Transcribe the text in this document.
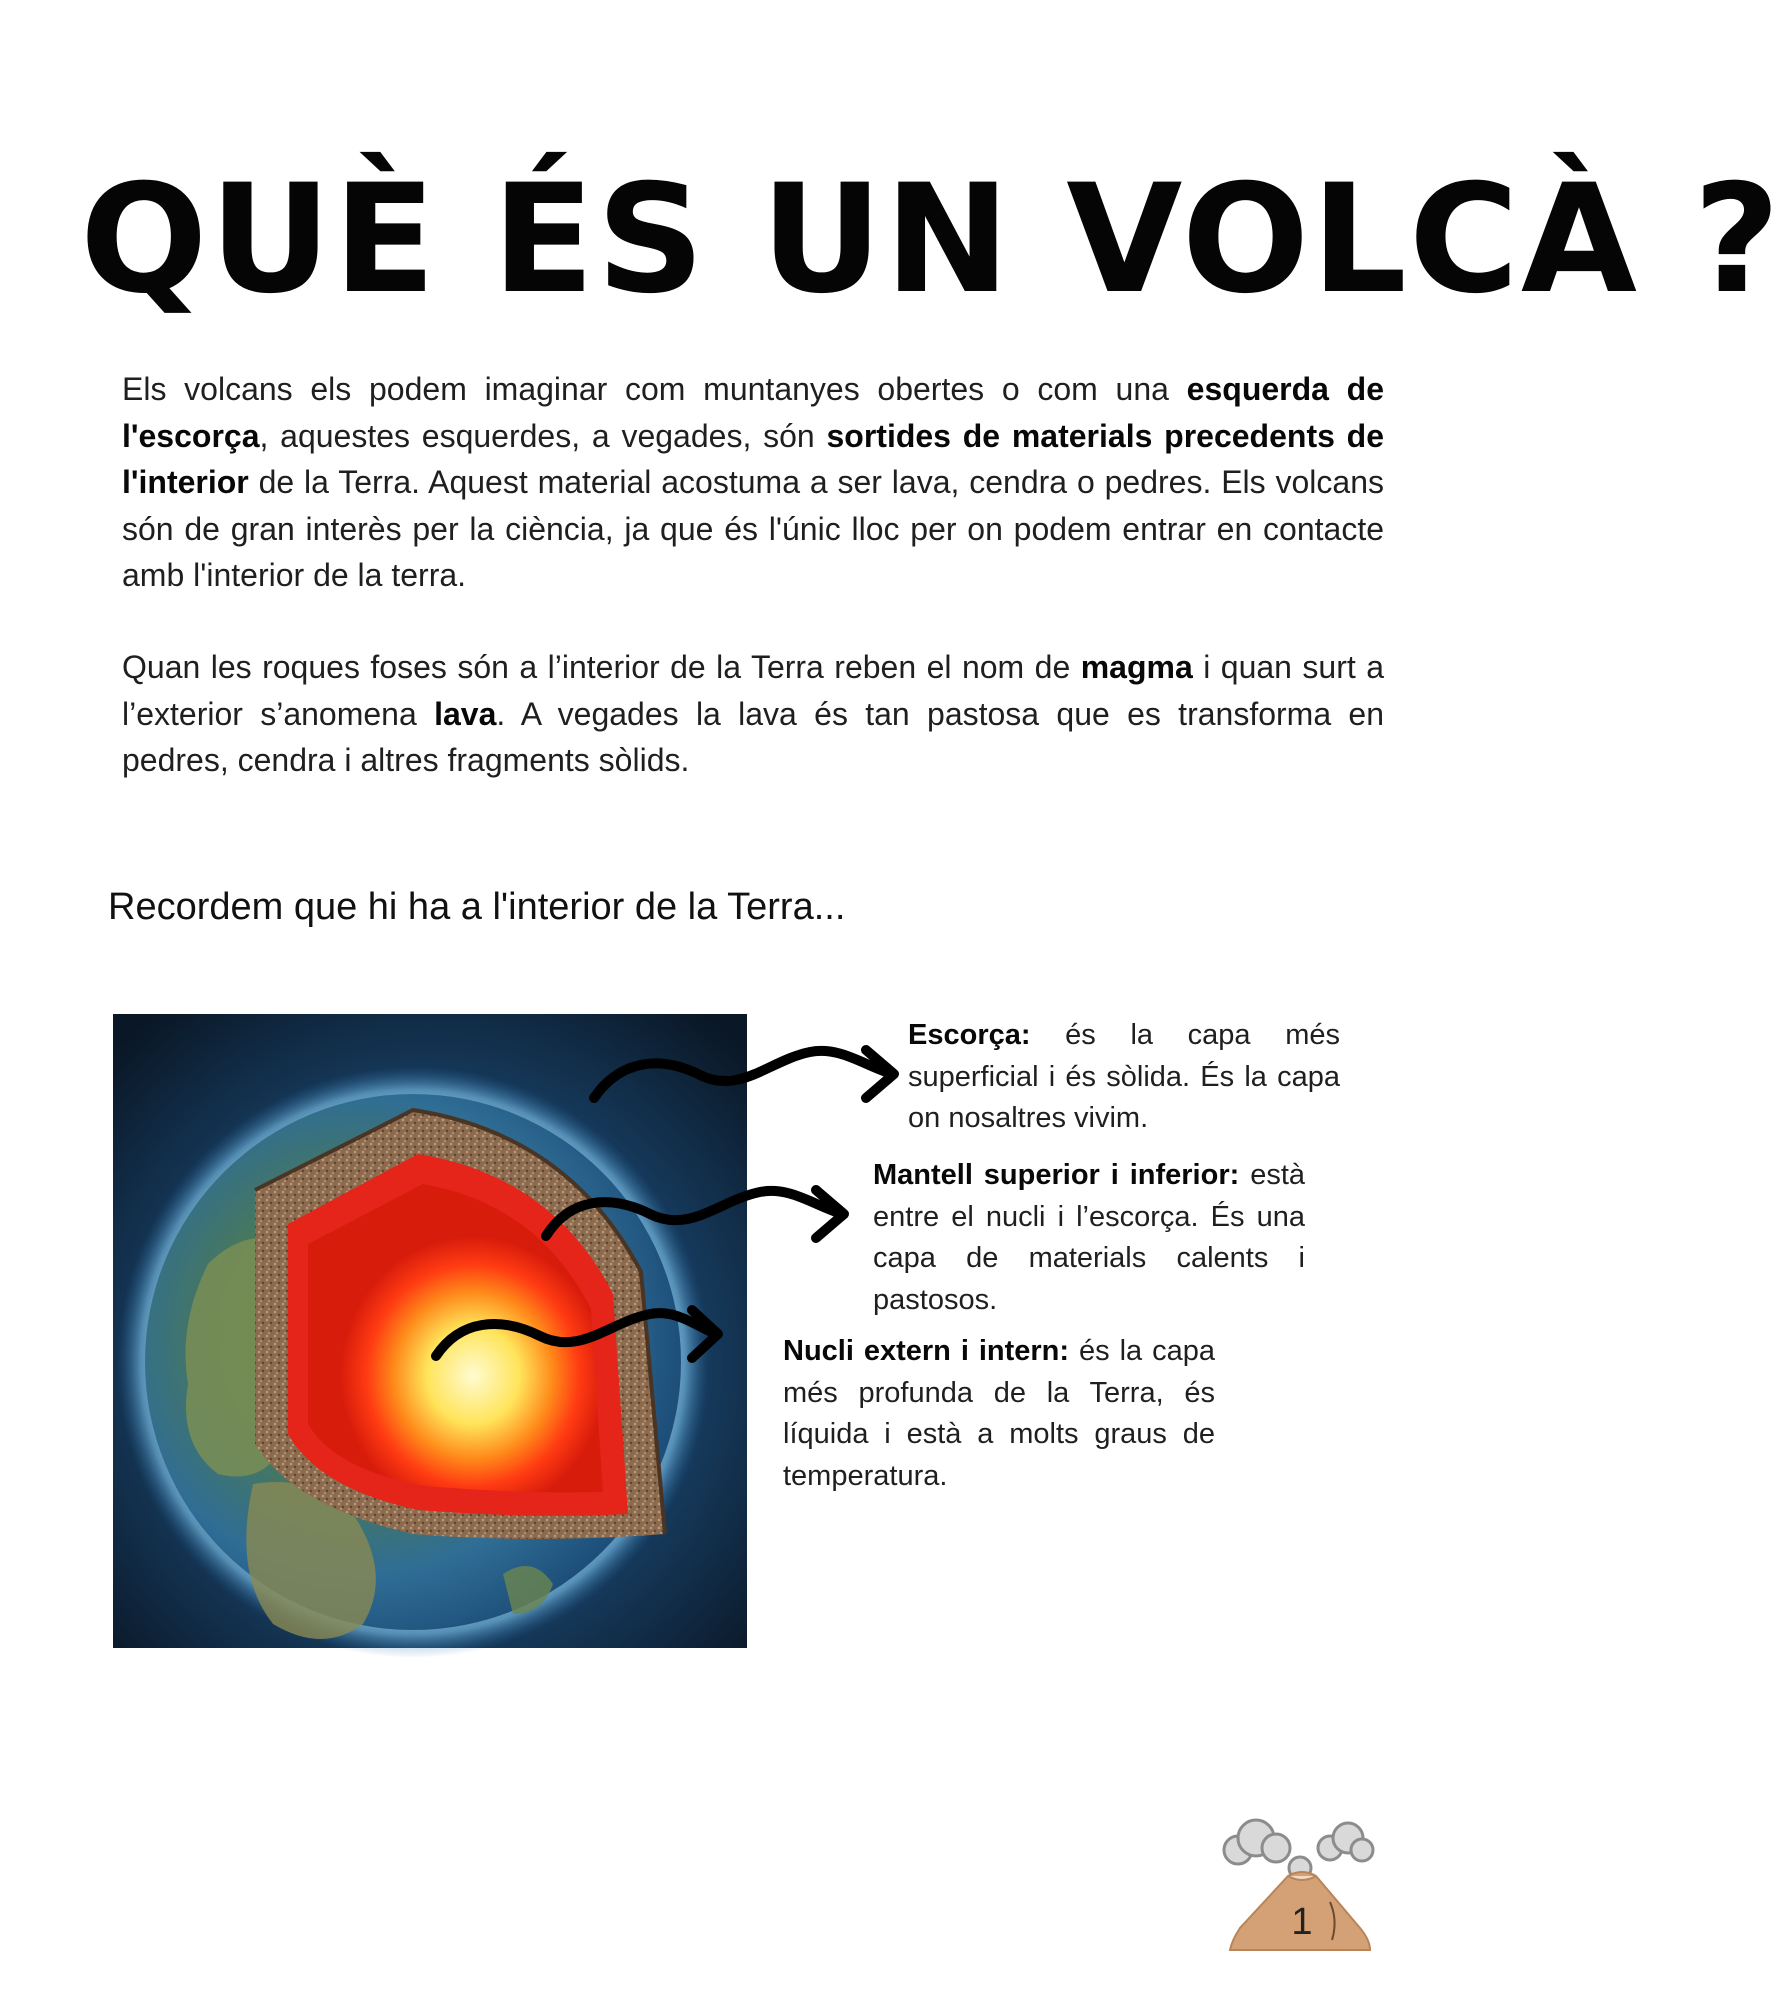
QUÈ ÉS UN VOLCÀ ?

Els volcans els podem imaginar com muntanyes obertes o com una esquerda de l'escorça, aquestes esquerdes, a vegades, són sortides de materials precedents de l'interior de la Terra. Aquest material acostuma a ser lava, cendra o pedres. Els volcans són de gran interès per la ciència, ja que és l'únic lloc per on podem entrar en contacte amb l'interior de la terra.

Quan les roques foses són a l’interior de la Terra reben el nom de magma i quan surt a l’exterior s’anomena lava. A vegades la lava és tan pastosa que es transforma en pedres, cendra i altres fragments sòlids.

Recordem que hi ha a l'interior de la Terra...

Escorça: és la capa més superficial i és sòlida. És la capa on nosaltres vivim.

Mantell superior i inferior: està entre el nucli i l’escorça. És una capa de materials calents i pastosos.

Nucli extern i intern: és la capa més profunda de la Terra, és líquida i està a molts graus de temperatura.

1
